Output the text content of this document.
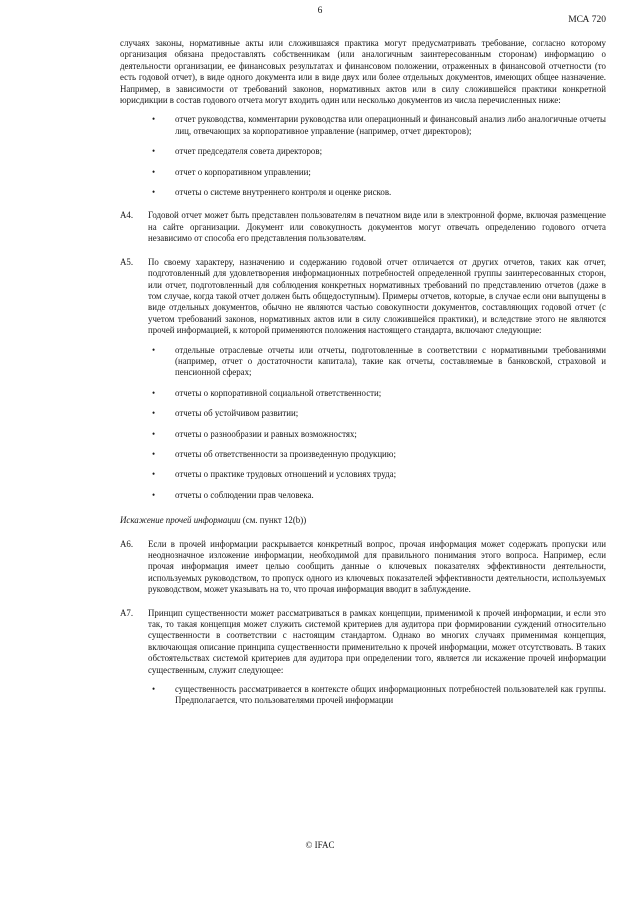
6
МСА 720

случаях законы, нормативные акты или сложившаяся практика могут предусматривать требование, согласно которому организация обязана предоставлять собственникам (или аналогичным заинтересованным сторонам) информацию о деятельности организации, ее финансовых результатах и финансовом положении, отраженных в финансовой отчетности (то есть годовой отчет), в виде одного документа или в виде двух или более отдельных документов, имеющих общее назначение. Например, в зависимости от требований законов, нормативных актов или в силу сложившейся практики конкретной юрисдикции в состав годового отчета могут входить один или несколько документов из числа перечисленных ниже:

• отчет руководства, комментарии руководства или операционный и финансовый анализ либо аналогичные отчеты лиц, отвечающих за корпоративное управление (например, отчет директоров);
• отчет председателя совета директоров;
• отчет о корпоративном управлении;
• отчеты о системе внутреннего контроля и оценке рисков.
A4. Годовой отчет может быть представлен пользователям в печатном виде или в электронной форме, включая размещение на сайте организации. Документ или совокупность документов могут отвечать определению годового отчета независимо от способа его представления пользователям.

A5. По своему характеру, назначению и содержанию годовой отчет отличается от других отчетов, таких как отчет, подготовленный для удовлетворения информационных потребностей определенной группы заинтересованных сторон, или отчет, подготовленный для соблюдения конкретных нормативных требований по представлению отчетов (даже в том случае, когда такой отчет должен быть общедоступным). Примеры отчетов, которые, в случае если они выпущены в виде отдельных документов, обычно не являются частью совокупности документов, составляющих годовой отчет (с учетом требований законов, нормативных актов или в силу сложившейся практики), и вследствие этого не являются прочей информацией, к которой применяются положения настоящего стандарта, включают следующие:

• отдельные отраслевые отчеты или отчеты, подготовленные в соответствии с нормативными требованиями (например, отчет о достаточности капитала), такие как отчеты, составляемые в банковской, страховой и пенсионной сферах;
• отчеты о корпоративной социальной ответственности;
• отчеты об устойчивом развитии;
• отчеты о разнообразии и равных возможностях;
• отчеты об ответственности за произведенную продукцию;
• отчеты о практике трудовых отношений и условиях труда;
• отчеты о соблюдении прав человека.

Искажение прочей информации (см. пункт 12(b))

A6. Если в прочей информации раскрывается конкретный вопрос, прочая информация может содержать пропуски или неоднозначное изложение информации, необходимой для правильного понимания этого вопроса. Например, если прочая информация имеет целью сообщить данные о ключевых показателях эффективности деятельности, используемых руководством, то пропуск одного из ключевых показателей эффективности деятельности, используемых руководством, может указывать на то, что прочая информация вводит в заблуждение.

A7. Принцип существенности может рассматриваться в рамках концепции, применимой к прочей информации, и если это так, то такая концепция может служить системой критериев для аудитора при формировании суждений относительно существенности в соответствии с настоящим стандартом. Однако во многих случаях применимая концепция, включающая описание принципа существенности применительно к прочей информации, может отсутствовать. В таких обстоятельствах системой критериев для аудитора при определении того, является ли искажение прочей информации существенным, служит следующее:

• существенность рассматривается в контексте общих информационных потребностей пользователей как группы. Предполагается, что пользователями прочей информации
© IFAC
